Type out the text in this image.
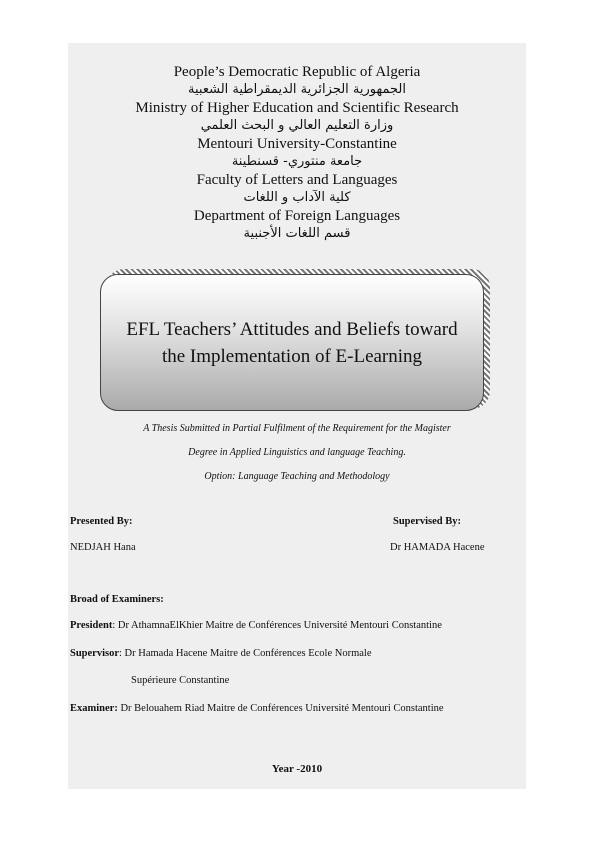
People’s Democratic Republic of Algeria

الجمهورية الجزائرية الديمقراطية الشعبية

Ministry of Higher Education and Scientific Research

وزارة التعليم العالي و البحث العلمي

Mentouri University-Constantine

جامعة منتوري- قسنطينة

Faculty of Letters and Languages

كلية الآداب و اللغات

Department of Foreign Languages

قسم اللغات الأجنبية

EFL Teachers’ Attitudes and Beliefs toward
the Implementation of E-Learning

A Thesis Submitted in Partial Fulfilment of the Requirement for the Magister
Degree in Applied Linguistics and language Teaching.
Option: Language Teaching and Methodology
Presented By:
NEDJAH Hana
Supervised By:
Dr HAMADA Hacene
Broad of Examiners:
President: Dr AthamnaElKhier Maitre de Conférences Université Mentouri Constantine
Supervisor: Dr Hamada Hacene Maitre de Conférences Ecole Normale
Supérieure Constantine
Examiner: Dr Belouahem Riad Maitre de Conférences Université Mentouri Constantine
Year -2010
